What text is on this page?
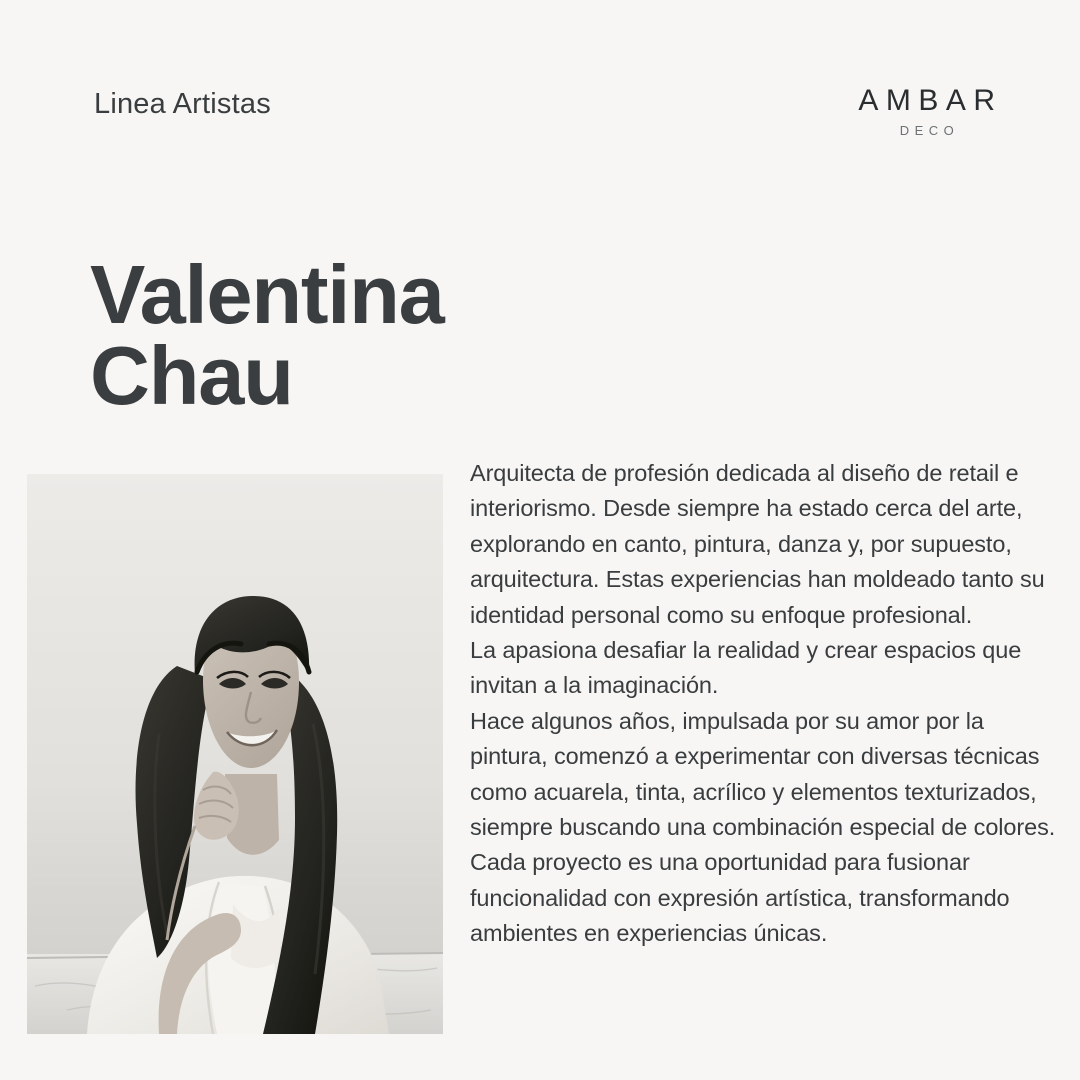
Linea Artistas	AMBAR
DECO
Valentina
Chau

Arquitecta de profesión dedicada al diseño de retail e interiorismo. Desde siempre ha estado cerca del arte, explorando en canto, pintura, danza y, por supuesto, arquitectura. Estas experiencias han moldeado tanto su identidad personal como su enfoque profesional.

La apasiona desafiar la realidad y crear espacios que invitan a la imaginación.

Hace algunos años, impulsada por su amor por la pintura, comenzó a experimentar con diversas técnicas como acuarela, tinta, acrílico y elementos texturizados, siempre buscando una combinación especial de colores.

Cada proyecto es una oportunidad para fusionar funcionalidad con expresión artística, transformando ambientes en experiencias únicas.
